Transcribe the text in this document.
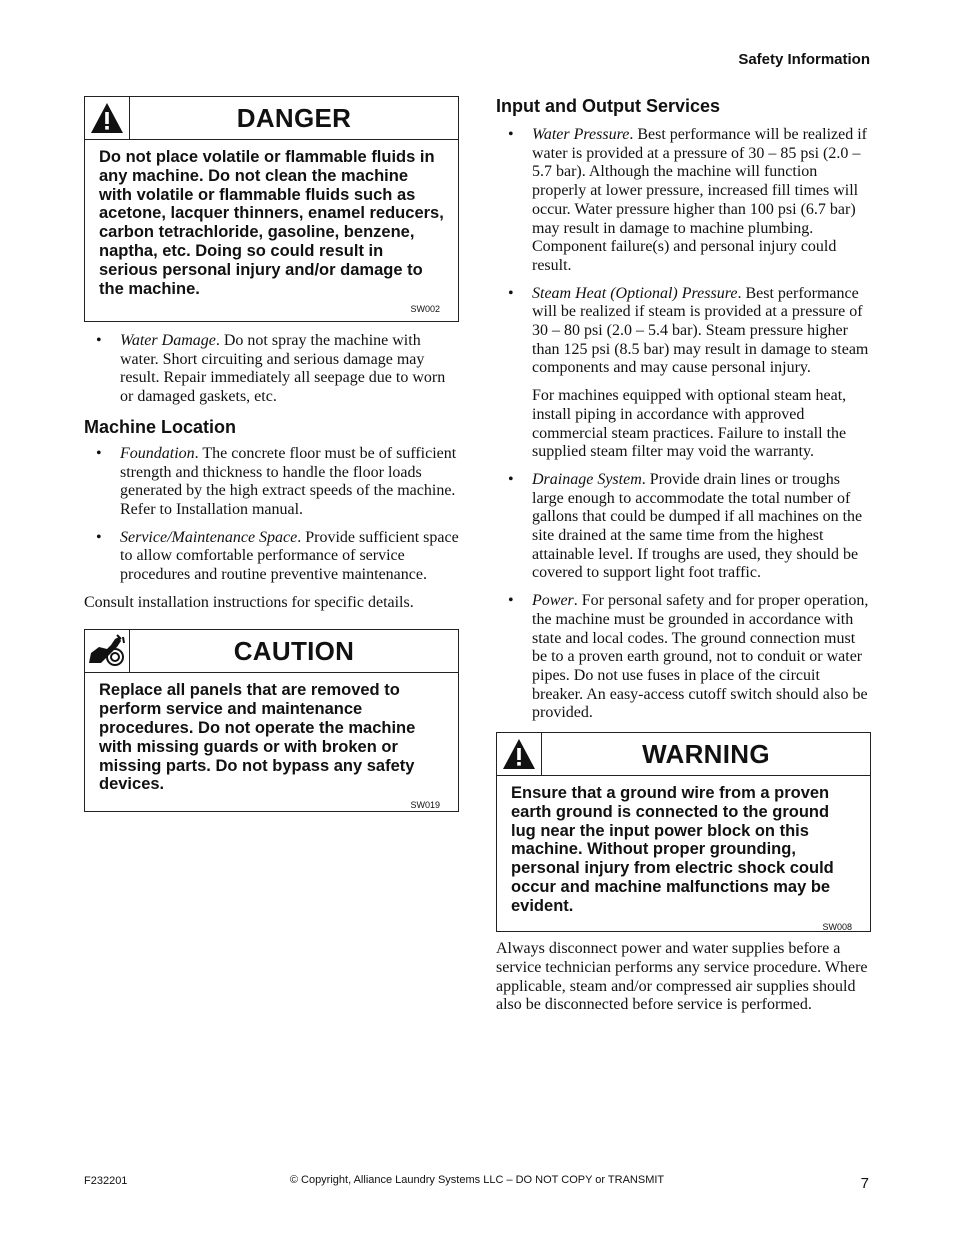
Safety Information
DANGER
Do not place volatile or flammable fluids in any machine. Do not clean the machine with volatile or flammable fluids such as acetone, lacquer thinners, enamel reducers, carbon tetrachloride, gasoline, benzene, naptha, etc. Doing so could result in serious personal injury and/or damage to the machine.
SW002
• Water Damage. Do not spray the machine with water. Short circuiting and serious damage may result. Repair immediately all seepage due to worn or damaged gaskets, etc.
Machine Location
• Foundation. The concrete floor must be of sufficient strength and thickness to handle the floor loads generated by the high extract speeds of the machine. Refer to Installation manual.
• Service/Maintenance Space. Provide sufficient space to allow comfortable performance of service procedures and routine preventive maintenance.
Consult installation instructions for specific details.
CAUTION
Replace all panels that are removed to perform service and maintenance procedures. Do not operate the machine with missing guards or with broken or missing parts. Do not bypass any safety devices.
SW019
Input and Output Services
• Water Pressure. Best performance will be realized if water is provided at a pressure of 30 – 85 psi (2.0 – 5.7 bar). Although the machine will function properly at lower pressure, increased fill times will occur. Water pressure higher than 100 psi (6.7 bar) may result in damage to machine plumbing. Component failure(s) and personal injury could result.
• Steam Heat (Optional) Pressure. Best performance will be realized if steam is provided at a pressure of 30 – 80 psi (2.0 – 5.4 bar). Steam pressure higher than 125 psi (8.5 bar) may result in damage to steam components and may cause personal injury.
For machines equipped with optional steam heat, install piping in accordance with approved commercial steam practices. Failure to install the supplied steam filter may void the warranty.
• Drainage System. Provide drain lines or troughs large enough to accommodate the total number of gallons that could be dumped if all machines on the site drained at the same time from the highest attainable level. If troughs are used, they should be covered to support light foot traffic.
• Power. For personal safety and for proper operation, the machine must be grounded in accordance with state and local codes. The ground connection must be to a proven earth ground, not to conduit or water pipes. Do not use fuses in place of the circuit breaker. An easy-access cutoff switch should also be provided.
WARNING
Ensure that a ground wire from a proven earth ground is connected to the ground lug near the input power block on this machine. Without proper grounding, personal injury from electric shock could occur and machine malfunctions may be evident.
SW008
Always disconnect power and water supplies before a service technician performs any service procedure. Where applicable, steam and/or compressed air supplies should also be disconnected before service is performed.
F232201	© Copyright, Alliance Laundry Systems LLC – DO NOT COPY or TRANSMIT	7
